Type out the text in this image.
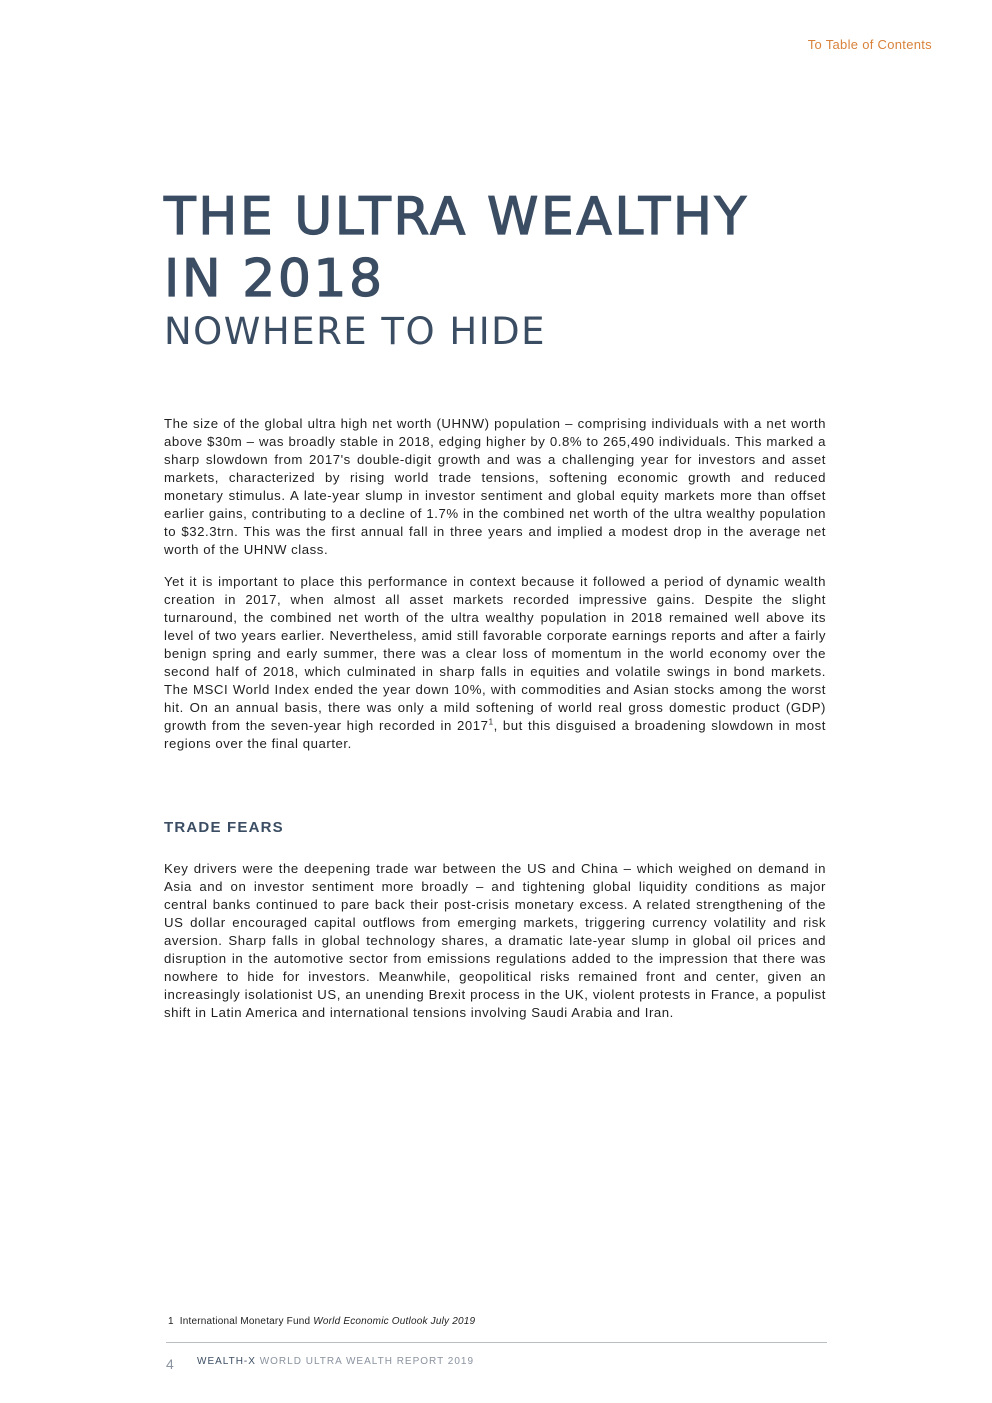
To Table of Contents
THE ULTRA WEALTHY
IN 2018
NOWHERE TO HIDE

The size of the global ultra high net worth (UHNW) population – comprising individuals with a net worth above $30m – was broadly stable in 2018, edging higher by 0.8% to 265,490 individuals. This marked a sharp slowdown from 2017's double-digit growth and was a challenging year for investors and asset markets, characterized by rising world trade tensions, softening economic growth and reduced monetary stimulus. A late-year slump in investor sentiment and global equity markets more than offset earlier gains, contributing to a decline of 1.7% in the combined net worth of the ultra wealthy population to $32.3trn. This was the first annual fall in three years and implied a modest drop in the average net worth of the UHNW class.

Yet it is important to place this performance in context because it followed a period of dynamic wealth creation in 2017, when almost all asset markets recorded impressive gains. Despite the slight turnaround, the combined net worth of the ultra wealthy population in 2018 remained well above its level of two years earlier. Nevertheless, amid still favorable corporate earnings reports and after a fairly benign spring and early summer, there was a clear loss of momentum in the world economy over the second half of 2018, which culminated in sharp falls in equities and volatile swings in bond markets. The MSCI World Index ended the year down 10%, with commodities and Asian stocks among the worst hit. On an annual basis, there was only a mild softening of world real gross domestic product (GDP) growth from the seven-year high recorded in 2017$^1$, but this disguised a broadening slowdown in most regions over the final quarter.

TRADE FEARS

Key drivers were the deepening trade war between the US and China – which weighed on demand in Asia and on investor sentiment more broadly – and tightening global liquidity conditions as major central banks continued to pare back their post-crisis monetary excess. A related strengthening of the US dollar encouraged capital outflows from emerging markets, triggering currency volatility and risk aversion. Sharp falls in global technology shares, a dramatic late-year slump in global oil prices and disruption in the automotive sector from emissions regulations added to the impression that there was nowhere to hide for investors. Meanwhile, geopolitical risks remained front and center, given an increasingly isolationist US, an unending Brexit process in the UK, violent protests in France, a populist shift in Latin America and international tensions involving Saudi Arabia and Iran.

1 International Monetary Fund World Economic Outlook July 2019
4 WEALTH-X WORLD ULTRA WEALTH REPORT 2019
